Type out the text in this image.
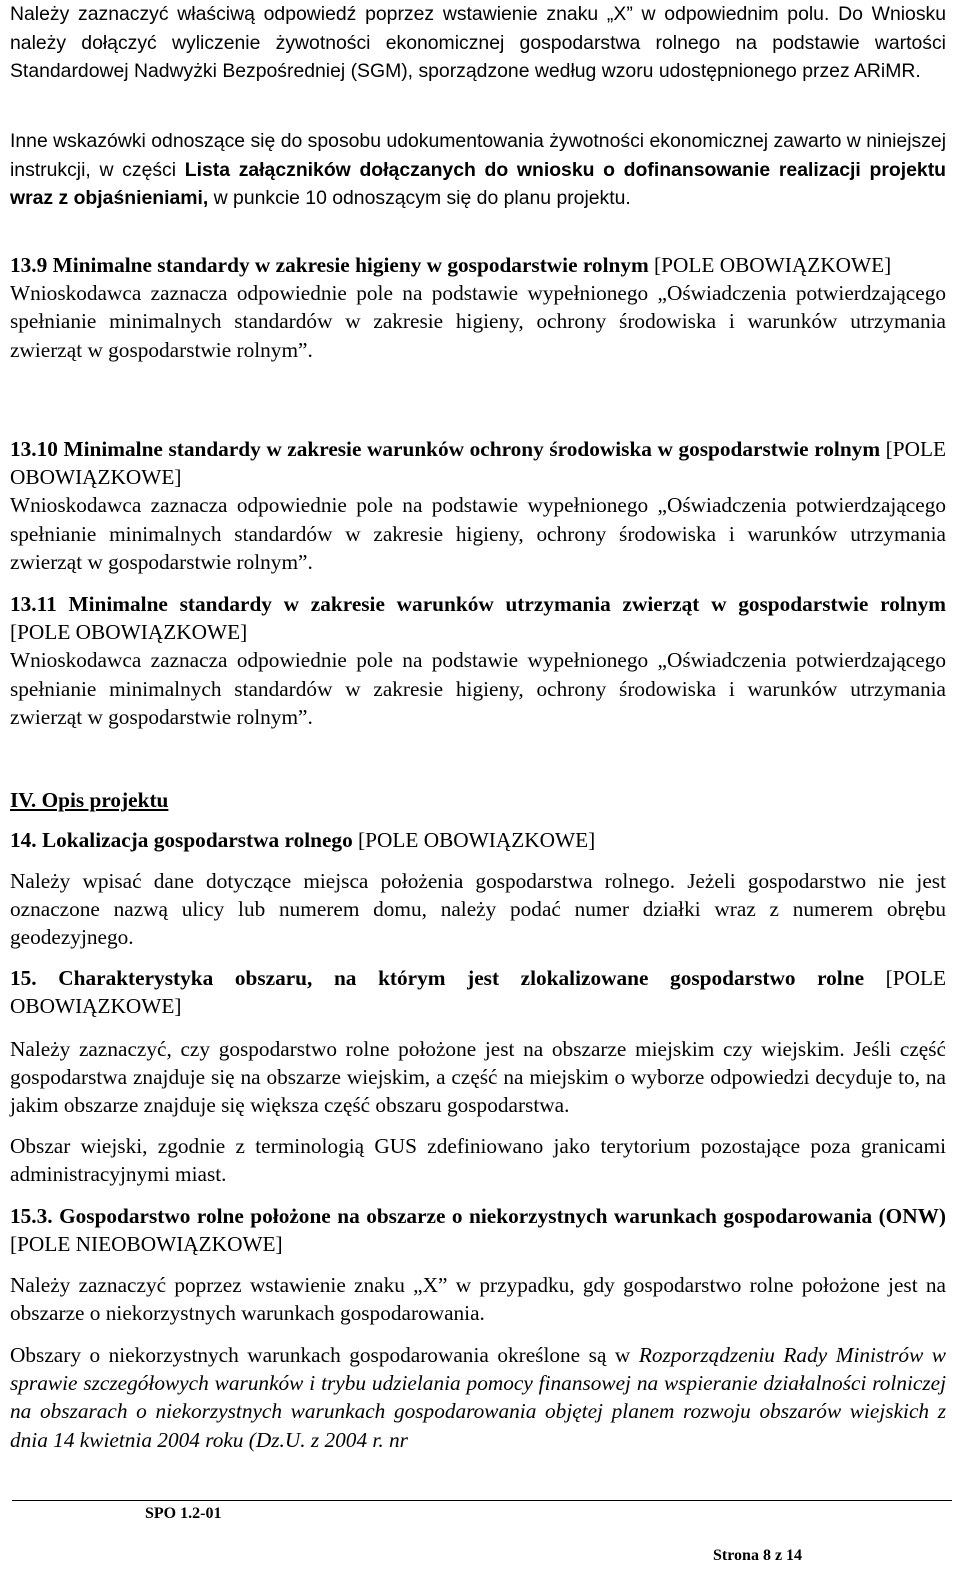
Należy zaznaczyć właściwą odpowiedź poprzez wstawienie znaku „X” w odpowiednim polu. Do Wniosku należy dołączyć wyliczenie żywotności ekonomicznej gospodarstwa rolnego na podstawie wartości Standardowej Nadwyżki Bezpośredniej (SGM), sporządzone według wzoru udostępnionego przez ARiMR.

Inne wskazówki odnoszące się do sposobu udokumentowania żywotności ekonomicznej zawarto w niniejszej instrukcji, w części Lista załączników dołączanych do wniosku o dofinansowanie realizacji projektu wraz z objaśnieniami, w punkcie 10 odnoszącym się do planu projektu.

13.9 Minimalne standardy w zakresie higieny w gospodarstwie rolnym [POLE OBOWIĄZKOWE]

Wnioskodawca zaznacza odpowiednie pole na podstawie wypełnionego „Oświadczenia potwierdzającego spełnianie minimalnych standardów w zakresie higieny, ochrony środowiska i warunków utrzymania zwierząt w gospodarstwie rolnym”.

13.10 Minimalne standardy w zakresie warunków ochrony środowiska w gospodarstwie rolnym [POLE OBOWIĄZKOWE]

Wnioskodawca zaznacza odpowiednie pole na podstawie wypełnionego „Oświadczenia potwierdzającego spełnianie minimalnych standardów w zakresie higieny, ochrony środowiska i warunków utrzymania zwierząt w gospodarstwie rolnym”.

13.11 Minimalne standardy w zakresie warunków utrzymania zwierząt w gospodarstwie rolnym [POLE OBOWIĄZKOWE]

Wnioskodawca zaznacza odpowiednie pole na podstawie wypełnionego „Oświadczenia potwierdzającego spełnianie minimalnych standardów w zakresie higieny, ochrony środowiska i warunków utrzymania zwierząt w gospodarstwie rolnym”.

IV. Opis projektu

14. Lokalizacja gospodarstwa rolnego [POLE OBOWIĄZKOWE]

Należy wpisać dane dotyczące miejsca położenia gospodarstwa rolnego. Jeżeli gospodarstwo nie jest oznaczone nazwą ulicy lub numerem domu, należy podać numer działki wraz z numerem obrębu geodezyjnego.

15. Charakterystyka obszaru, na którym jest zlokalizowane gospodarstwo rolne [POLE OBOWIĄZKOWE]

Należy zaznaczyć, czy gospodarstwo rolne położone jest na obszarze miejskim czy wiejskim. Jeśli część gospodarstwa znajduje się na obszarze wiejskim, a część na miejskim o wyborze odpowiedzi decyduje to, na jakim obszarze znajduje się większa część obszaru gospodarstwa.

Obszar wiejski, zgodnie z terminologią GUS zdefiniowano jako terytorium pozostające poza granicami administracyjnymi miast.

15.3. Gospodarstwo rolne położone na obszarze o niekorzystnych warunkach gospodarowania (ONW) [POLE NIEOBOWIĄZKOWE]

Należy zaznaczyć poprzez wstawienie znaku „X” w przypadku, gdy gospodarstwo rolne położone jest na obszarze o niekorzystnych warunkach gospodarowania.

Obszary o niekorzystnych warunkach gospodarowania określone są w Rozporządzeniu Rady Ministrów w sprawie szczegółowych warunków i trybu udzielania pomocy finansowej na wspieranie działalności rolniczej na obszarach o niekorzystnych warunkach gospodarowania objętej planem rozwoju obszarów wiejskich z dnia 14 kwietnia 2004 roku (Dz.U. z 2004 r. nr

SPO 1.2-01
Strona 8 z 14
